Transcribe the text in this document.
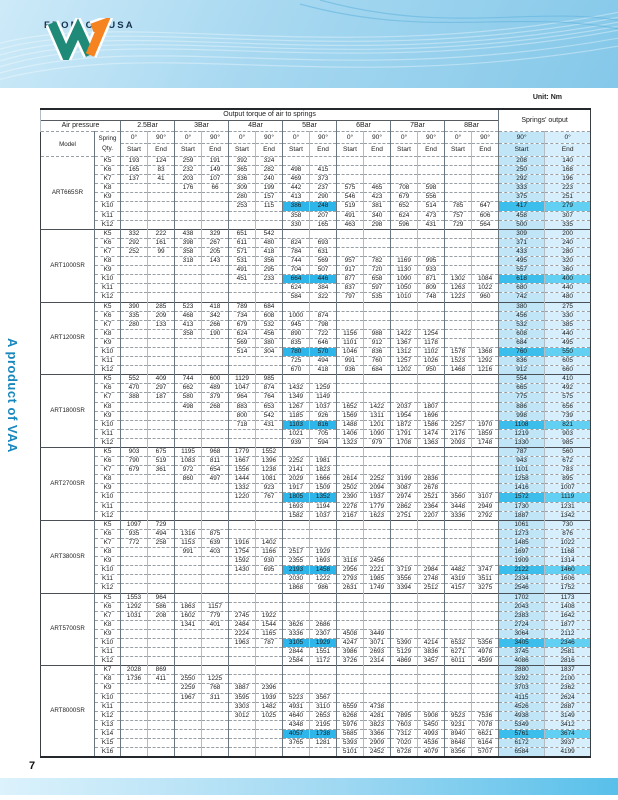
FROM CA USA
Unit: Nm
Output torque of air to springs																Springs' output	
Air pressure		2.5Bar		3Bar		4Bar		5Bar		6Bar		7Bar		8Bar			
Model	Spring
Qty.	0°	90°	0°	90°	0°	90°	0°	90°	0°	90°	0°	90°	0°	90°	90°	0°
		Start	End	Start	End	Start	End	Start	End	Start	End	Start	End	Start	End	Start	End
ART665SR	K5	193	124	259	191	392	324									208	140
	K6	165	83	232	149	365	282	498	415							250	168
	K7	137	41	203	107	336	240	469	373							292	196
	K8			176	66	309	199	442	237	575	465	708	598			333	223
	K9					280	157	413	290	546	423	679	556			375	251
	K10					253	115	386	248	519	381	652	514	785	647	417	279
	K11							358	207	491	340	624	473	757	606	458	307
	K12							330	165	463	298	596	431	729	564	500	335
ART1000SR	K5	332	222	438	329	651	542									309	200
	K6	292	161	398	267	611	480	824	693							371	240
	K7	252	99	358	205	571	418	784	631							433	280
	K8			318	143	531	356	744	569	957	782	1169	995			495	320
	K9					491	295	704	507	917	720	1130	933			557	360
	K10					451	233	664	446	877	658	1090	871	1302	1084	618	400
	K11							624	384	837	597	1050	809	1263	1022	680	440
	K12							584	322	797	535	1010	748	1223	960	742	480
ART1200SR	K5	390	285	523	418	789	684									380	275
	K6	335	209	468	342	734	608	1000	874							456	330
	K7	280	133	413	266	679	532	945	798							532	385
	K8			358	190	624	456	890	722	1156	988	1422	1254			608	440
	K9					569	380	835	646	1101	912	1367	1178			684	495
	K10					514	304	780	570	1046	836	1312	1102	1578	1368	760	550
	K11							725	494	991	760	1257	1026	1523	1292	836	605
	K12							670	418	936	684	1202	950	1468	1216	912	660
ART1800SR	K5	552	409	744	600	1129	985									554	410
	K6	470	297	662	489	1047	874	1432	1259							665	492
	K7	388	187	580	379	964	764	1349	1149							775	575
	K8			498	268	883	653	1267	1037	1652	1422	2037	1807			886	656
	K9					800	542	1185	926	1569	1311	1954	1696			998	739
	K10					718	431	1103	816	1488	1201	1872	1586	2257	1970	1108	821
	K11							1021	705	1406	1090	1791	1474	2176	1859	1219	903
	K12							939	594	1323	979	1708	1363	2093	1748	1330	985
ART2700SR	K5	903	675	1195	968	1779	1552									787	560
	K6	790	519	1083	811	1667	1396	2252	1981							943	672
	K7	679	361	972	654	1556	1238	2141	1823							1101	783
	K8			860	497	1444	1081	2029	1666	2614	2252	3199	2836			1258	895
	K9					1332	923	1917	1509	2502	2094	3087	2678			1416	1007
	K10					1220	767	1805	1352	2390	1937	2974	2521	3560	3107	1572	1119
	K11							1693	1194	2278	1779	2862	2364	3448	2949	1730	1231
	K12							1582	1037	2167	1623	2751	2207	3336	2792	1887	1342
ART3800SR	K5	1097	729													1061	730
	K6	935	494	1316	875											1273	876
	K7	772	258	1153	639	1916	1402									1485	1022
	K8			991	403	1754	1166	2517	1929							1697	1168
	K9					1592	930	2355	1693	3118	2456					1909	1314
	K10					1430	695	2193	1458	2956	2221	3719	2984	4482	3747	2122	1460
	K11							2030	1222	2793	1985	3556	2748	4319	3511	2334	1606
	K12							1868	986	2631	1749	3394	2512	4157	3275	2546	1752
ART5700SR	K5	1553	964													1702	1173
	K6	1292	586	1863	1157											2043	1408
	K7	1031	208	1602	779	2745	1922									2383	1642
	K8			1341	401	2484	1544	3626	2686							2724	1877
	K9					2224	1165	3336	2307	4508	3449					3064	2112
	K10					1963	787	3105	1929	4247	3071	5390	4214	6532	5356	3405	2346
	K11							2844	1551	3986	2693	5129	3836	6271	4978	3745	2581
	K12							2584	1172	3726	2314	4869	3457	6011	4599	4086	2816
ART8000SR	K7	2028	869													2880	1837
	K8	1736	411	2550	1225											3292	2100
	K9			2259	768	3887	2396									3703	2362
	K10			1967	311	3595	1939	5223	3567							4115	2624
	K11					3303	1482	4931	3110	6559	4738					4526	2887
	K12					3012	1025	4640	2653	6268	4281	7895	5908	9523	7536	4938	3149
	K13							4348	2195	5976	3823	7603	5450	9231	7078	5349	3412
	K14							4057	1738	5685	3366	7312	4993	8940	6621	5761	3674
	K15							3765	1281	5393	2909	7020	4536	8648	6164	6172	3937
	K16									5101	2452	6728	4079	8356	5707	6584	4199
A product of VAA
7
